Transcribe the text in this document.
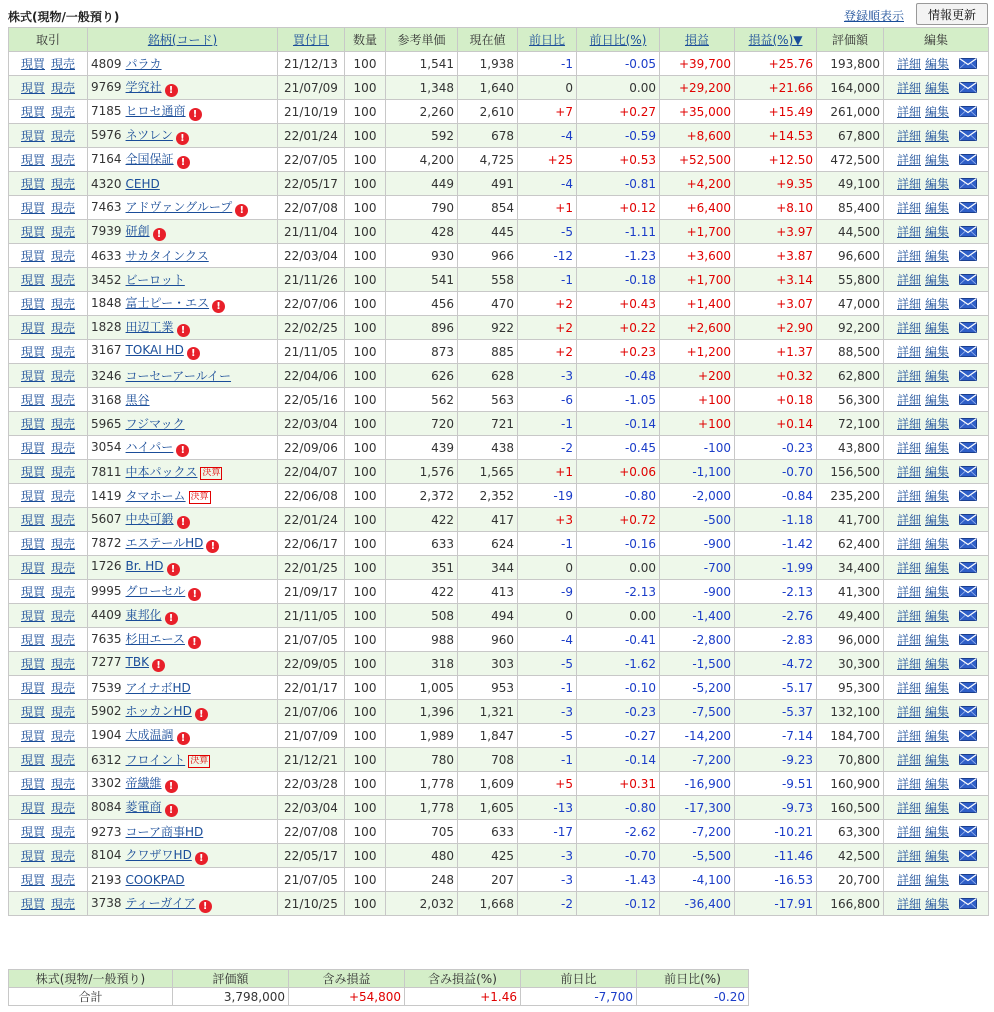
株式(現物/一般預り)	登録順表示	情報更新
取引	銘柄(コード)	買付日	数量	参考単価	現在値	前日比	前日比(%)	損益	損益(%)▼	評価額	編集
現買 現売	4809 パラカ	21/12/13	100	1,541	1,938	-1	-0.05	+39,700	+25.76	193,800	詳細 編集
現買 現売	9769 学究社 !	21/07/09	100	1,348	1,640	0	0.00	+29,200	+21.66	164,000	詳細 編集
現買 現売	7185 ヒロセ通商 !	21/10/19	100	2,260	2,610	+7	+0.27	+35,000	+15.49	261,000	詳細 編集
現買 現売	5976 ネツレン !	22/01/24	100	592	678	-4	-0.59	+8,600	+14.53	67,800	詳細 編集
現買 現売	7164 全国保証 !	22/07/05	100	4,200	4,725	+25	+0.53	+52,500	+12.50	472,500	詳細 編集
現買 現売	4320 CEHD	22/05/17	100	449	491	-4	-0.81	+4,200	+9.35	49,100	詳細 編集
現買 現売	7463 アドヴァングループ !	22/07/08	100	790	854	+1	+0.12	+6,400	+8.10	85,400	詳細 編集
現買 現売	7939 研創 !	21/11/04	100	428	445	-5	-1.11	+1,700	+3.97	44,500	詳細 編集
現買 現売	4633 サカタインクス	22/03/04	100	930	966	-12	-1.23	+3,600	+3.87	96,600	詳細 編集
現買 現売	3452 ビーロット	21/11/26	100	541	558	-1	-0.18	+1,700	+3.14	55,800	詳細 編集
現買 現売	1848 富士ピー・エス !	22/07/06	100	456	470	+2	+0.43	+1,400	+3.07	47,000	詳細 編集
現買 現売	1828 田辺工業 !	22/02/25	100	896	922	+2	+0.22	+2,600	+2.90	92,200	詳細 編集
現買 現売	3167 TOKAI HD !	21/11/05	100	873	885	+2	+0.23	+1,200	+1.37	88,500	詳細 編集
現買 現売	3246 コーセーアールイー	22/04/06	100	626	628	-3	-0.48	+200	+0.32	62,800	詳細 編集
現買 現売	3168 黒谷	22/05/16	100	562	563	-6	-1.05	+100	+0.18	56,300	詳細 編集
現買 現売	5965 フジマック	22/03/04	100	720	721	-1	-0.14	+100	+0.14	72,100	詳細 編集
現買 現売	3054 ハイパー !	22/09/06	100	439	438	-2	-0.45	-100	-0.23	43,800	詳細 編集
現買 現売	7811 中本パックス 決算	22/04/07	100	1,576	1,565	+1	+0.06	-1,100	-0.70	156,500	詳細 編集
現買 現売	1419 タマホーム 決算	22/06/08	100	2,372	2,352	-19	-0.80	-2,000	-0.84	235,200	詳細 編集
現買 現売	5607 中央可鍛 !	22/01/24	100	422	417	+3	+0.72	-500	-1.18	41,700	詳細 編集
現買 現売	7872 エステールHD !	22/06/17	100	633	624	-1	-0.16	-900	-1.42	62,400	詳細 編集
現買 現売	1726 Br. HD !	22/01/25	100	351	344	0	0.00	-700	-1.99	34,400	詳細 編集
現買 現売	9995 グローセル !	21/09/17	100	422	413	-9	-2.13	-900	-2.13	41,300	詳細 編集
現買 現売	4409 東邦化 !	21/11/05	100	508	494	0	0.00	-1,400	-2.76	49,400	詳細 編集
現買 現売	7635 杉田エース !	21/07/05	100	988	960	-4	-0.41	-2,800	-2.83	96,000	詳細 編集
現買 現売	7277 TBK !	22/09/05	100	318	303	-5	-1.62	-1,500	-4.72	30,300	詳細 編集
現買 現売	7539 アイナボHD	22/01/17	100	1,005	953	-1	-0.10	-5,200	-5.17	95,300	詳細 編集
現買 現売	5902 ホッカンHD !	21/07/06	100	1,396	1,321	-3	-0.23	-7,500	-5.37	132,100	詳細 編集
現買 現売	1904 大成温調 !	21/07/09	100	1,989	1,847	-5	-0.27	-14,200	-7.14	184,700	詳細 編集
現買 現売	6312 フロイント 決算	21/12/21	100	780	708	-1	-0.14	-7,200	-9.23	70,800	詳細 編集
現買 現売	3302 帝繊維 !	22/03/28	100	1,778	1,609	+5	+0.31	-16,900	-9.51	160,900	詳細 編集
現買 現売	8084 菱電商 !	22/03/04	100	1,778	1,605	-13	-0.80	-17,300	-9.73	160,500	詳細 編集
現買 現売	9273 コーア商事HD	22/07/08	100	705	633	-17	-2.62	-7,200	-10.21	63,300	詳細 編集
現買 現売	8104 クワザワHD !	22/05/17	100	480	425	-3	-0.70	-5,500	-11.46	42,500	詳細 編集
現買 現売	2193 COOKPAD	21/07/05	100	248	207	-3	-1.43	-4,100	-16.53	20,700	詳細 編集
現買 現売	3738 ティーガイア !	21/10/25	100	2,032	1,668	-2	-0.12	-36,400	-17.91	166,800	詳細 編集
株式(現物/一般預り)	評価額	含み損益	含み損益(%)	前日比	前日比(%)
合計	3,798,000	+54,800	+1.46	-7,700	-0.20
